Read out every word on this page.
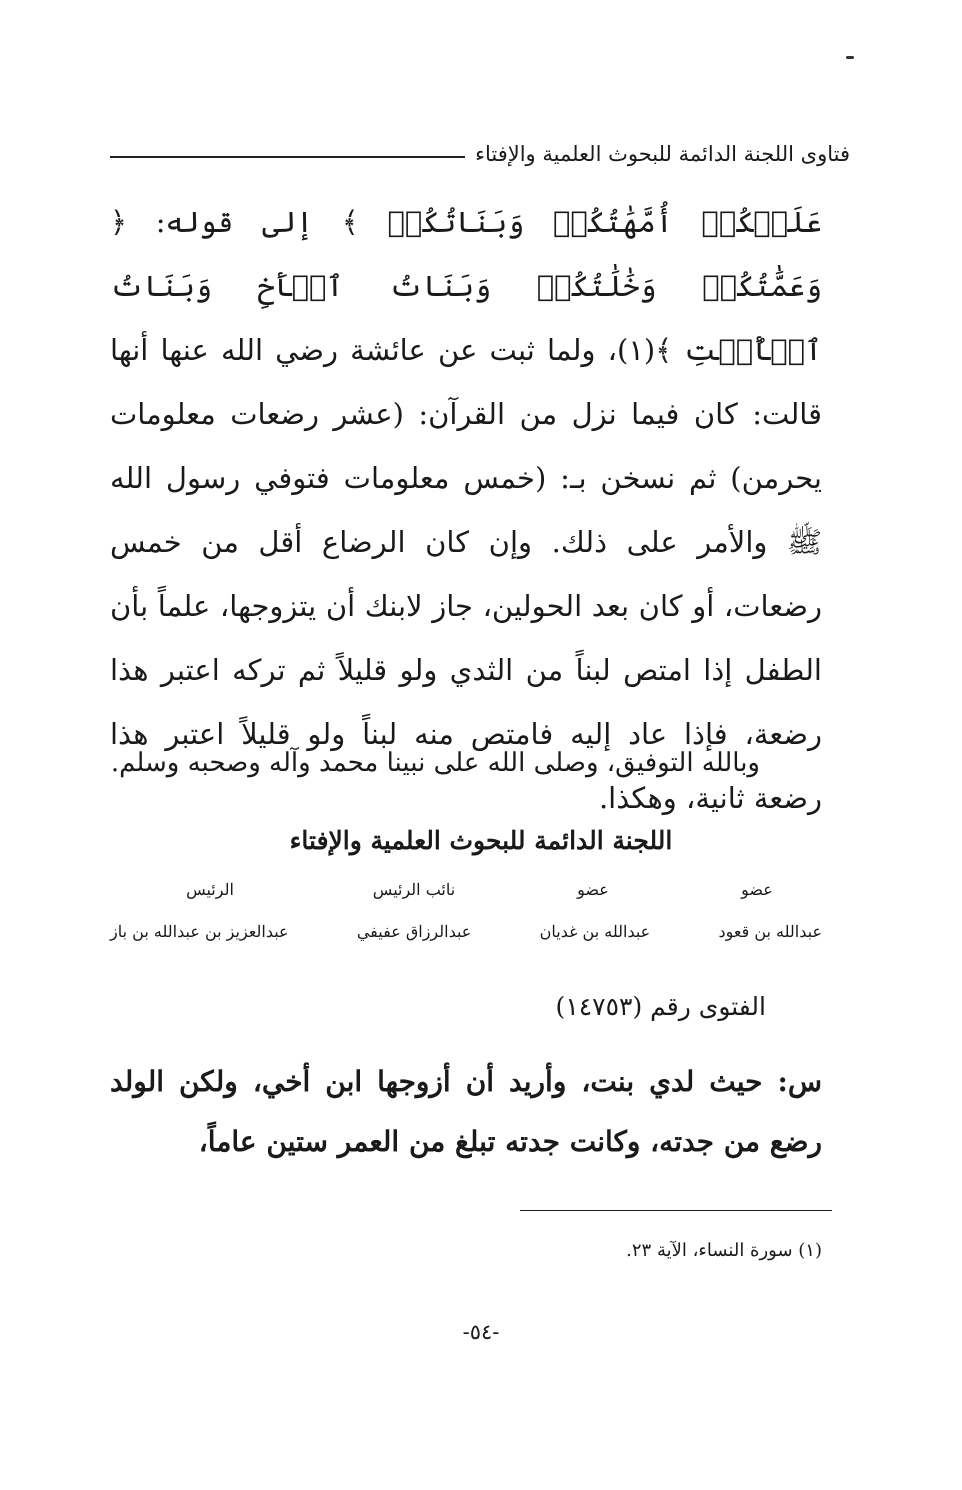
فتاوى اللجنة الدائمة للبحوث العلمية والإفتاء

عَلَيۡكُمۡ أُمَّهَٰتُكُمۡ وَبَنَاتُكُمۡ ﴾ إلى قوله: ﴿ وَعَمَّٰتُكُمۡ وَخَٰلَٰتُكُمۡ وَبَنَاتُ ٱلۡأَخِ وَبَنَاتُ ٱلۡأُخۡتِ ﴾(١)، ولما ثبت عن عائشة رضي الله عنها أنها قالت: كان فيما نزل من القرآن: (عشر رضعات معلومات يحرمن) ثم نسخن بـ: (خمس معلومات فتوفي رسول الله ﷺ والأمر على ذلك. وإن كان الرضاع أقل من خمس رضعات، أو كان بعد الحولين، جاز لابنك أن يتزوجها، علماً بأن الطفل إذا امتص لبناً من الثدي ولو قليلاً ثم تركه اعتبر هذا رضعة، فإذا عاد إليه فامتص منه لبناً ولو قليلاً اعتبر هذا رضعة ثانية، وهكذا.

وبالله التوفيق، وصلى الله على نبينا محمد وآله وصحبه وسلم.
اللجنة الدائمة للبحوث العلمية والإفتاء
عضو
عضو
نائب الرئيس
الرئيس
عبدالله بن قعود
عبدالله بن غديان
عبدالرزاق عفيفي
عبدالعزيز بن عبدالله بن باز
الفتوى رقم (١٤٧٥٣)

س: حيث لدي بنت، وأريد أن أزوجها ابن أخي، ولكن الولد رضع من جدته، وكانت جدته تبلغ من العمر ستين عاماً،

(١) سورة النساء، الآية ٢٣.
-٥٤-
